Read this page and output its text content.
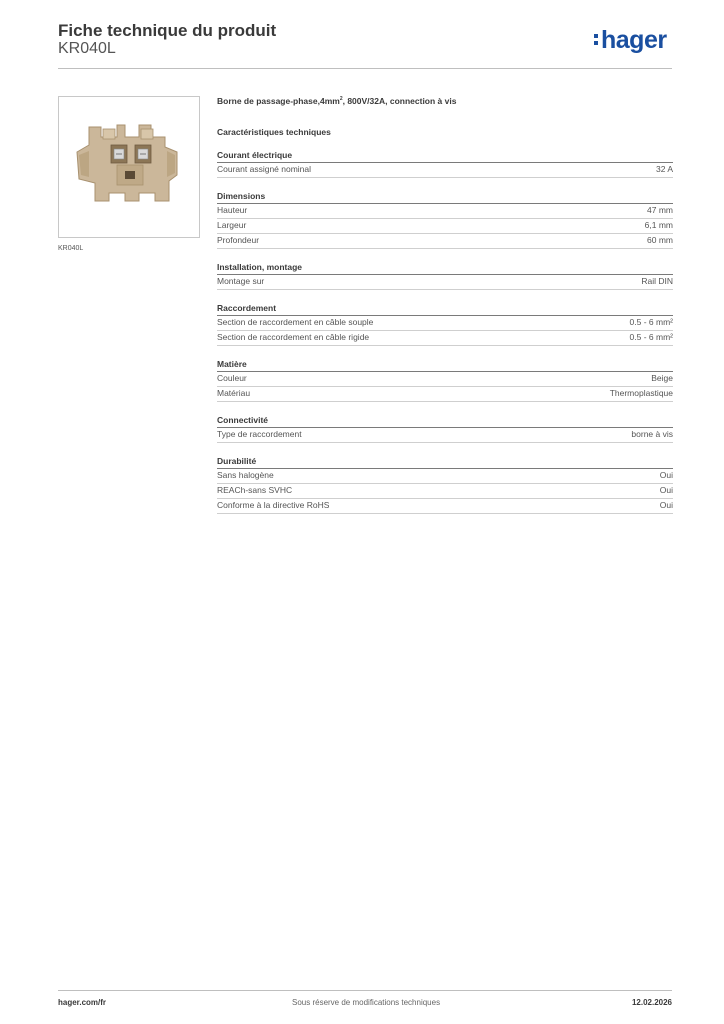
Fiche technique du produit
KR040L	hager
KR040L
Borne de passage-$phase,4mm^2$, 800V/32A, connection à vis
Caractéristiques techniques
Courant électrique
Courant assigné nominal	32 A
Dimensions
Hauteur	47 mm
Largeur	6,1 mm
Profondeur	60 mm
Installation, montage
Montage sur	Rail DIN
Raccordement
Section de raccordement en câble souple	0.5 - 6 mm²
Section de raccordement en câble rigide	0.5 - 6 mm²
Matière
Couleur	Beige
Matériau	Thermoplastique
Connectivité
Type de raccordement	borne à vis
Durabilité
Sans halogène	Oui
REACh-sans SVHC	Oui
Conforme à la directive RoHS	Oui
hager.com/fr	Sous réserve de modifications techniques	12.02.2026
